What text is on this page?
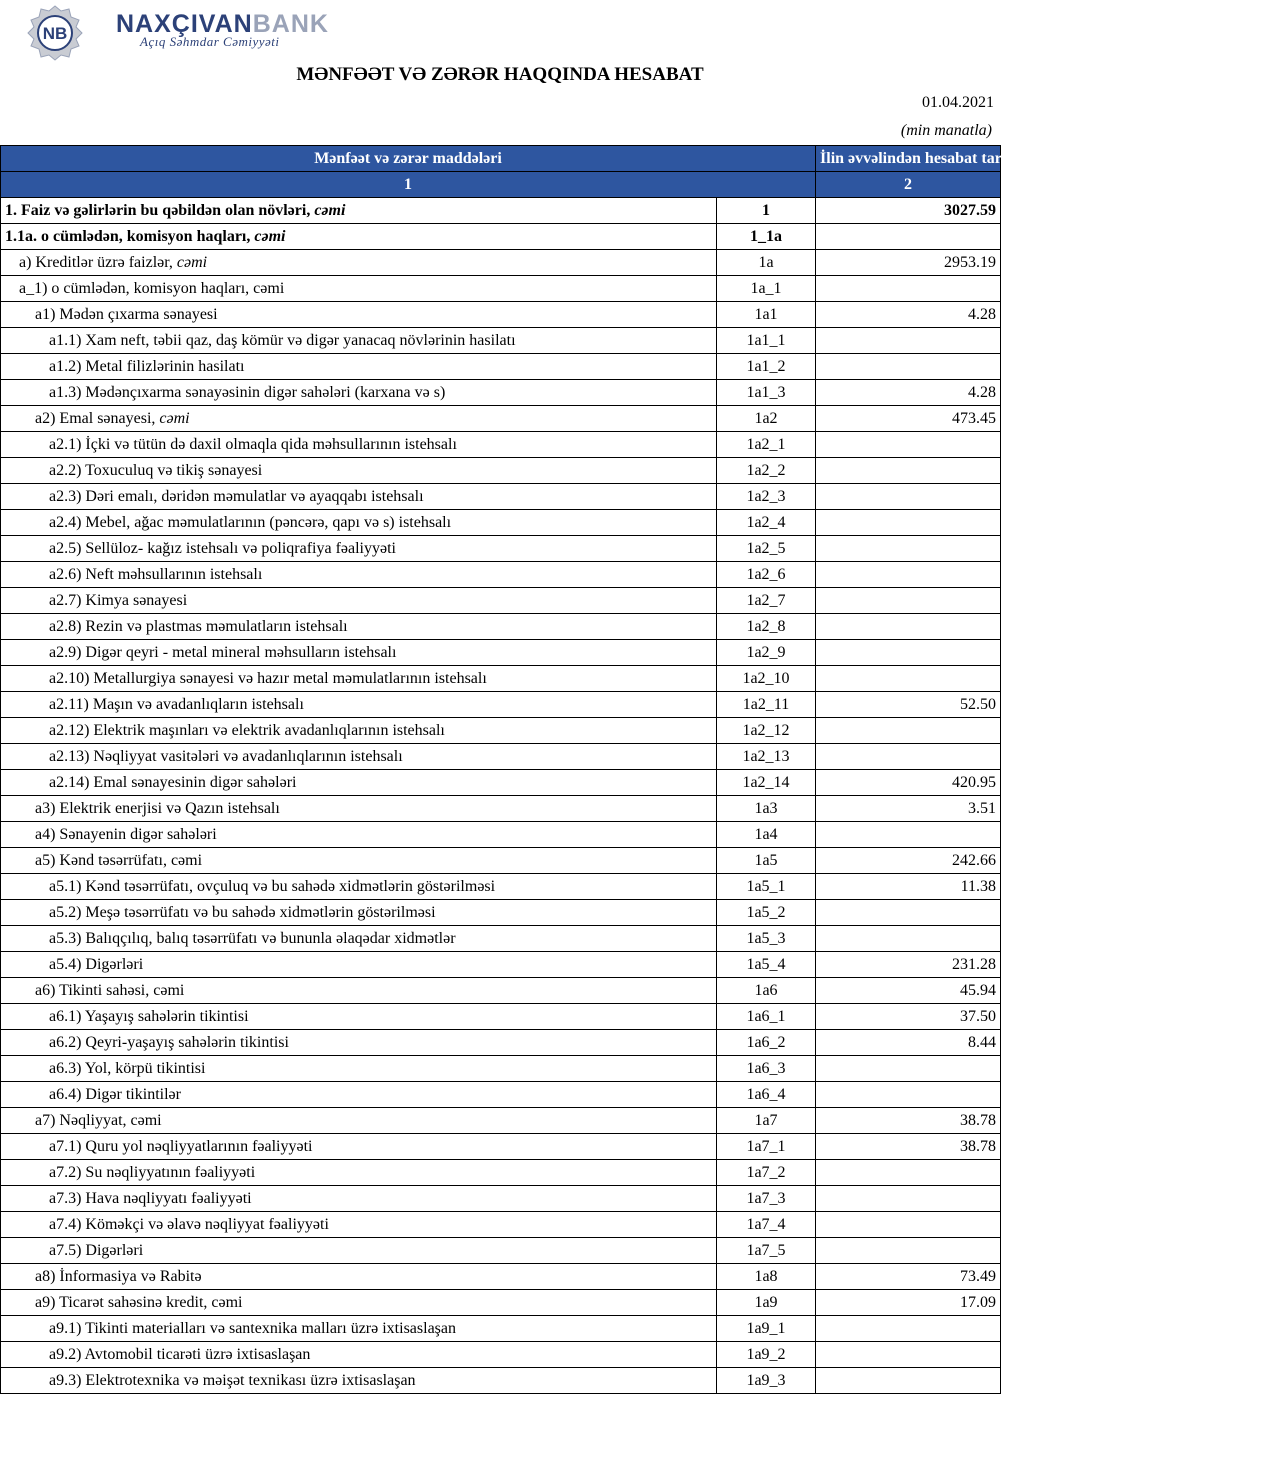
NB NAXÇIVANBANK
Açıq Səhmdar Cəmiyyəti
MƏNFƏƏT VƏ ZƏRƏR HAQQINDA HESABAT
01.04.2021
(min manatla)
Mənfəət və zərər maddələri		İlin əvvəlindən hesabat tarixinədək, hesabat tarixi də daxil olmaqla
1		2
1. Faiz və gəlirlərin bu qəbildən olan növləri, cəmi	1	3027.59
1.1a. o cümlədən, komisyon haqları, cəmi	1_1a	
a) Kreditlər üzrə faizlər, cəmi	1a	2953.19
a_1) o cümlədən, komisyon haqları, cəmi	1a_1	
a1) Mədən çıxarma sənayesi	1a1	4.28
a1.1) Xam neft, təbii qaz, daş kömür və digər yanacaq növlərinin hasilatı	1a1_1	
a1.2) Metal filizlərinin hasilatı	1a1_2	
a1.3) Mədənçıxarma sənayəsinin digər sahələri (karxana və s)	1a1_3	4.28
a2) Emal sənayesi, cəmi	1a2	473.45
a2.1) İçki və tütün də daxil olmaqla qida məhsullarının istehsalı	1a2_1	
a2.2) Toxuculuq və tikiş sənayesi	1a2_2	
a2.3) Dəri emalı, dəridən məmulatlar və ayaqqabı istehsalı	1a2_3	
a2.4) Mebel, ağac məmulatlarının (pəncərə, qapı və s) istehsalı	1a2_4	
a2.5) Sellüloz- kağız istehsalı və poliqrafiya fəaliyyəti	1a2_5	
a2.6) Neft məhsullarının istehsalı	1a2_6	
a2.7) Kimya sənayesi	1a2_7	
a2.8) Rezin və plastmas məmulatların istehsalı	1a2_8	
a2.9) Digər qeyri - metal mineral məhsulların istehsalı	1a2_9	
a2.10) Metallurgiya sənayesi və hazır metal məmulatlarının istehsalı	1a2_10	
a2.11) Maşın və avadanlıqların istehsalı	1a2_11	52.50
a2.12) Elektrik maşınları və elektrik avadanlıqlarının istehsalı	1a2_12	
a2.13) Nəqliyyat vasitələri və avadanlıqlarının istehsalı	1a2_13	
a2.14) Emal sənayesinin digər sahələri	1a2_14	420.95
a3) Elektrik enerjisi və Qazın istehsalı	1a3	3.51
a4) Sənayenin digər sahələri	1a4	
a5) Kənd təsərrüfatı, cəmi	1a5	242.66
a5.1) Kənd təsərrüfatı, ovçuluq və bu sahədə xidmətlərin göstərilməsi	1a5_1	11.38
a5.2) Meşə təsərrüfatı və bu sahədə xidmətlərin göstərilməsi	1a5_2	
a5.3) Balıqçılıq, balıq təsərrüfatı və bununla əlaqədar xidmətlər	1a5_3	
a5.4) Digərləri	1a5_4	231.28
a6) Tikinti sahəsi, cəmi	1a6	45.94
a6.1) Yaşayış sahələrin tikintisi	1a6_1	37.50
a6.2) Qeyri-yaşayış sahələrin tikintisi	1a6_2	8.44
a6.3) Yol, körpü tikintisi	1a6_3	
a6.4) Digər tikintilər	1a6_4	
a7) Nəqliyyat, cəmi	1a7	38.78
a7.1) Quru yol nəqliyyatlarının fəaliyyəti	1a7_1	38.78
a7.2) Su nəqliyyatının fəaliyyəti	1a7_2	
a7.3) Hava nəqliyyatı fəaliyyəti	1a7_3	
a7.4) Köməkçi və əlavə nəqliyyat fəaliyyəti	1a7_4	
a7.5) Digərləri	1a7_5	
a8) İnformasiya və Rabitə	1a8	73.49
a9) Ticarət sahəsinə kredit, cəmi	1a9	17.09
a9.1) Tikinti materialları və santexnika malları üzrə ixtisaslaşan	1a9_1	
a9.2) Avtomobil ticarəti üzrə ixtisaslaşan	1a9_2	
a9.3) Elektrotexnika və məişət texnikası üzrə ixtisaslaşan	1a9_3	
